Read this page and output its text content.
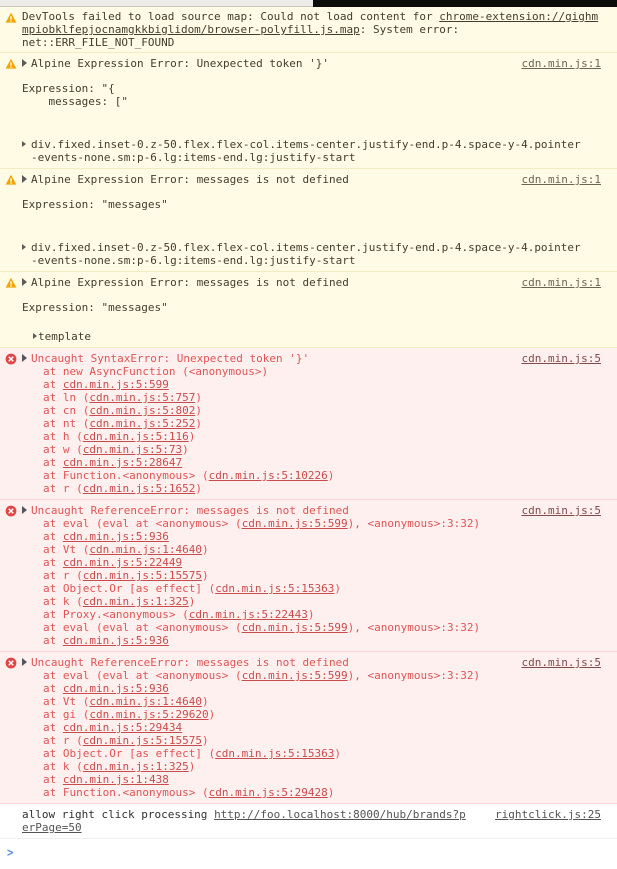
DevTools failed to load source map: Could not load content for chrome-extension://gighmmpiobklfepjocnamgkkbiglidom/browser-polyfill.js.map: System error: net::ERR_FILE_NOT_FOUND
cdn.min.js:1
Alpine Expression Error: Unexpected token '}'
Expression: "{
messages: ["
div.fixed.inset-0.z-50.flex.flex-col.items-center.justify-end.p-4.space-y-4.pointer-events-none.sm:p-6.lg:items-end.lg:justify-start
cdn.min.js:1
Alpine Expression Error: messages is not defined
Expression: "messages"
div.fixed.inset-0.z-50.flex.flex-col.items-center.justify-end.p-4.space-y-4.pointer-events-none.sm:p-6.lg:items-end.lg:justify-start
cdn.min.js:1
Alpine Expression Error: messages is not defined
Expression: "messages"
template
cdn.min.js:5
Uncaught SyntaxError: Unexpected token '}'
at new AsyncFunction (<anonymous>)
at cdn.min.js:5:599
at ln (cdn.min.js:5:757)
at cn (cdn.min.js:5:802)
at nt (cdn.min.js:5:252)
at h (cdn.min.js:5:116)
at w (cdn.min.js:5:73)
at cdn.min.js:5:28647
at Function.<anonymous> (cdn.min.js:5:10226)
at r (cdn.min.js:5:1652)
cdn.min.js:5
Uncaught ReferenceError: messages is not defined
at eval (eval at <anonymous> (cdn.min.js:5:599), <anonymous>:3:32)
at cdn.min.js:5:936
at Vt (cdn.min.js:1:4640)
at cdn.min.js:5:22449
at r (cdn.min.js:5:15575)
at Object.Or [as effect] (cdn.min.js:5:15363)
at k (cdn.min.js:1:325)
at Proxy.<anonymous> (cdn.min.js:5:22443)
at eval (eval at <anonymous> (cdn.min.js:5:599), <anonymous>:3:32)
at cdn.min.js:5:936
cdn.min.js:5
Uncaught ReferenceError: messages is not defined
at eval (eval at <anonymous> (cdn.min.js:5:599), <anonymous>:3:32)
at cdn.min.js:5:936
at Vt (cdn.min.js:1:4640)
at gi (cdn.min.js:5:29620)
at cdn.min.js:5:29434
at r (cdn.min.js:5:15575)
at Object.Or [as effect] (cdn.min.js:5:15363)
at k (cdn.min.js:1:325)
at cdn.min.js:1:438
at Function.<anonymous> (cdn.min.js:5:29428)
rightclick.js:25
allow right click processing http://foo.localhost:8000/hub/brands?perPage=50
>
